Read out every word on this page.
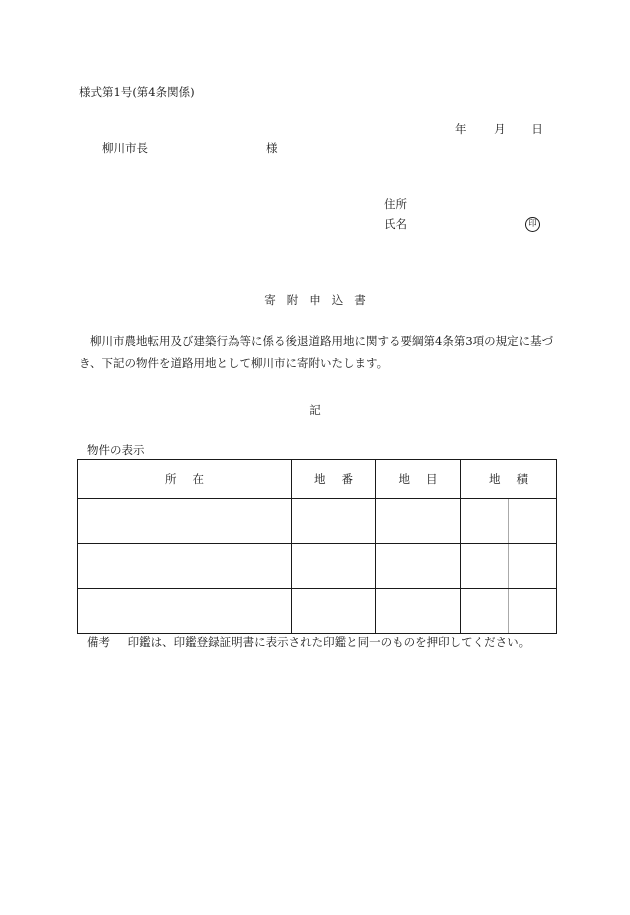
様式第1号(第4条関係)
年 月 日
柳川市長	様
住所
氏名	印
寄附申込書
柳川市農地転用及び建築行為等に係る後退道路用地に関する要綱第4条第3項の規定に基づき、下記の物件を道路用地として柳川市に寄附いたします。
記
物件の表示
所在	地番	地目	地積	

備考 印鑑は、印鑑登録証明書に表示された印鑑と同一のものを押印してください。
